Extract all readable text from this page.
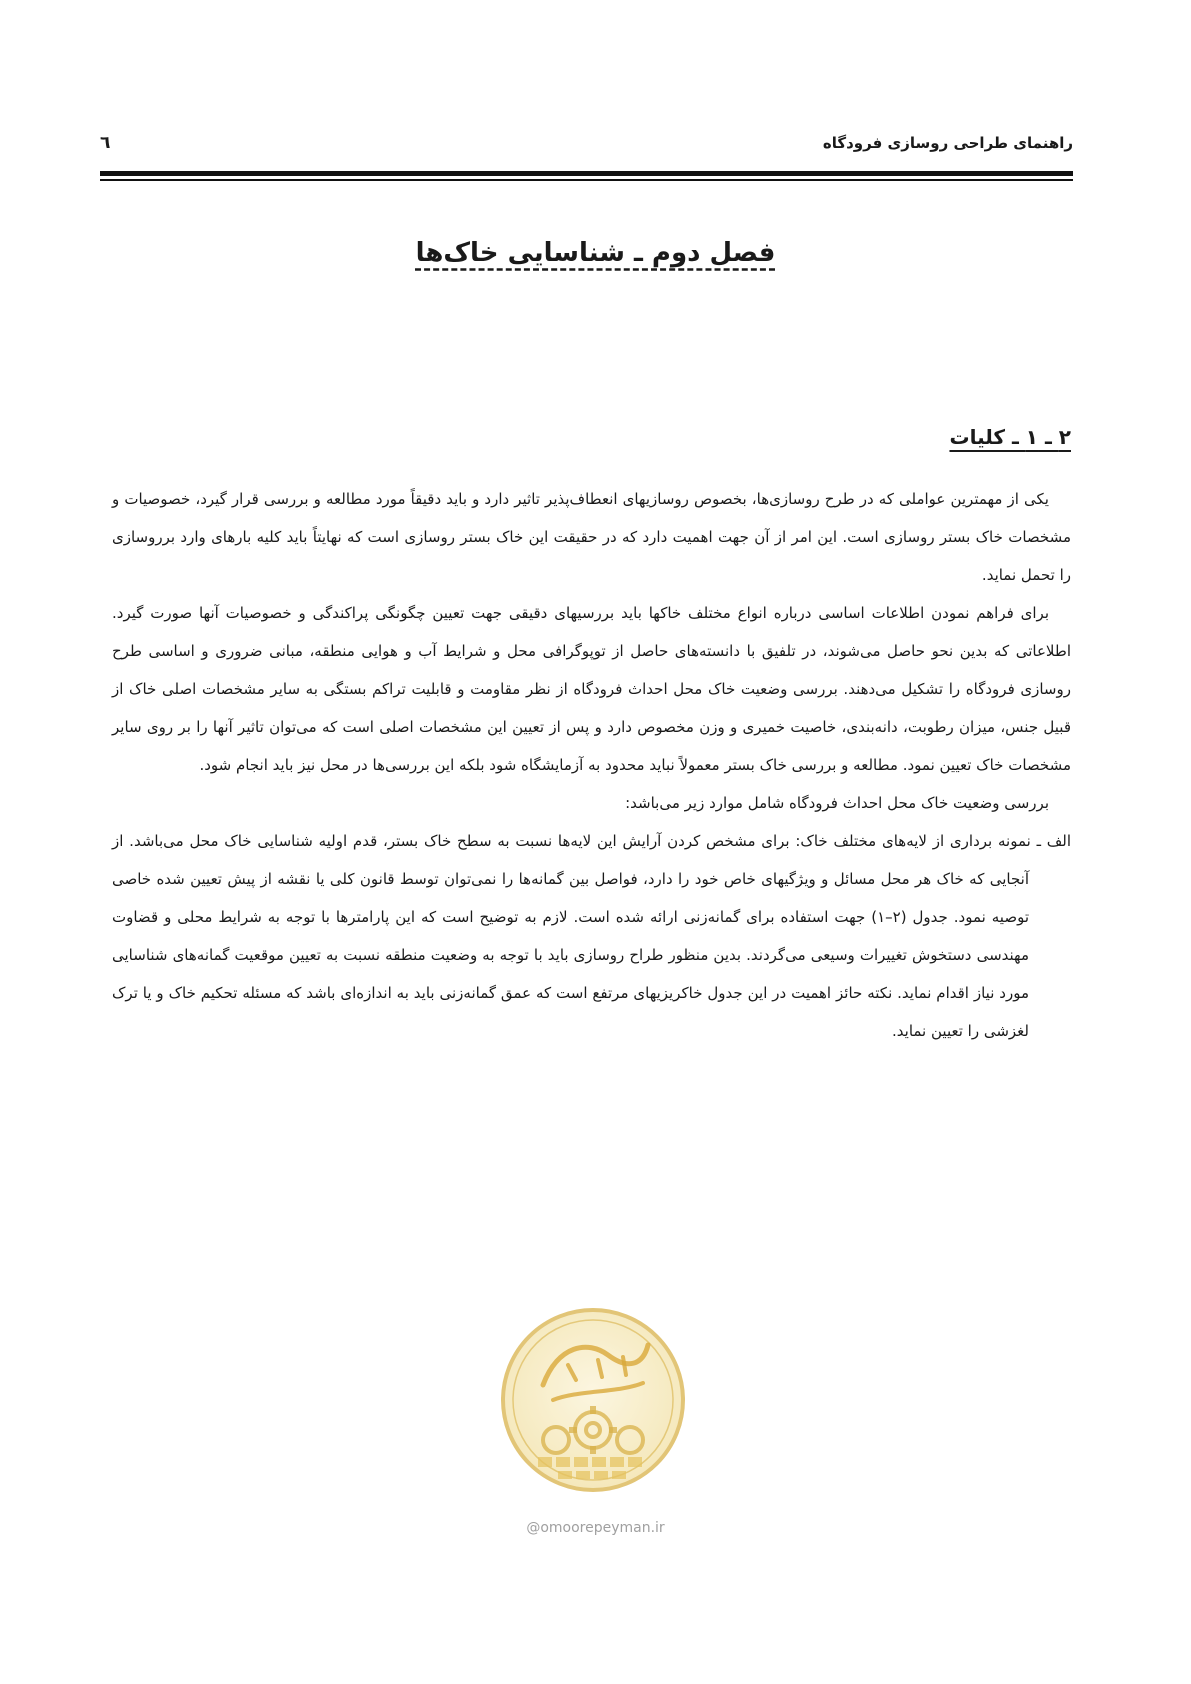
راهنمای طراحی روسازی فرودگاه
٦
فصل دوم ـ شناسایی خاک‌ها
۲ ـ ۱ ـ کلیات

یکی از مهمترین عواملی که در طرح روسازی‌ها، بخصوص روسازیهای انعطاف‌پذیر تاثیر دارد و باید دقیقاً مورد مطالعه و بررسی قرار گیرد، خصوصیات و مشخصات خاک بستر روسازی است. این امر از آن جهت اهمیت دارد که در حقیقت این خاک بستر روسازی است که نهایتاً باید کلیه بارهای وارد برروسازی را تحمل نماید.

برای فراهم نمودن اطلاعات اساسی درباره انواع مختلف خاکها باید بررسیهای دقیقی جهت تعیین چگونگی پراکندگی و خصوصیات آنها صورت گیرد. اطلاعاتی که بدین نحو حاصل می‌شوند، در تلفیق با دانسته‌های حاصل از توپوگرافی محل و شرایط آب و هوایی منطقه، مبانی ضروری و اساسی طرح روسازی فرودگاه را تشکیل می‌دهند. بررسی وضعیت خاک محل احداث فرودگاه از نظر مقاومت و قابلیت تراکم بستگی به سایر مشخصات اصلی خاک از قبیل جنس، میزان رطوبت، دانه‌بندی، خاصیت خمیری و وزن مخصوص دارد و پس از تعیین این مشخصات اصلی است که می‌توان تاثیر آنها را بر روی سایر مشخصات خاک تعیین نمود. مطالعه و بررسی خاک بستر معمولاً نباید محدود به آزمایشگاه شود بلکه این بررسی‌ها در محل نیز باید انجام شود.

بررسی وضعیت خاک محل احداث فرودگاه شامل موارد زیر می‌باشد:

الف ـ نمونه برداری از لایه‌های مختلف خاک: برای مشخص کردن آرایش این لایه‌ها نسبت به سطح خاک بستر، قدم اولیه شناسایی خاک محل می‌باشد. از آنجایی که خاک هر محل مسائل و ویژگیهای خاص خود را دارد، فواصل بین گمانه‌ها را نمی‌توان توسط قانون کلی یا نقشه از پیش تعیین شده خاصی توصیه نمود. جدول (۲–۱) جهت استفاده برای گمانه‌زنی ارائه شده است. لازم به توضیح است که این پارامترها با توجه به شرایط محلی و قضاوت مهندسی دستخوش تغییرات وسیعی می‌گردند. بدین منظور طراح روسازی باید با توجه به وضعیت منطقه نسبت به تعیین موقعیت گمانه‌های شناسایی مورد نیاز اقدام نماید. نکته حائز اهمیت در این جدول خاکریزیهای مرتفع است که عمق گمانه‌زنی باید به اندازه‌ای باشد که مسئله تحکیم خاک و یا ترک لغزشی را تعیین نماید.

@omoorepeyman.ir
